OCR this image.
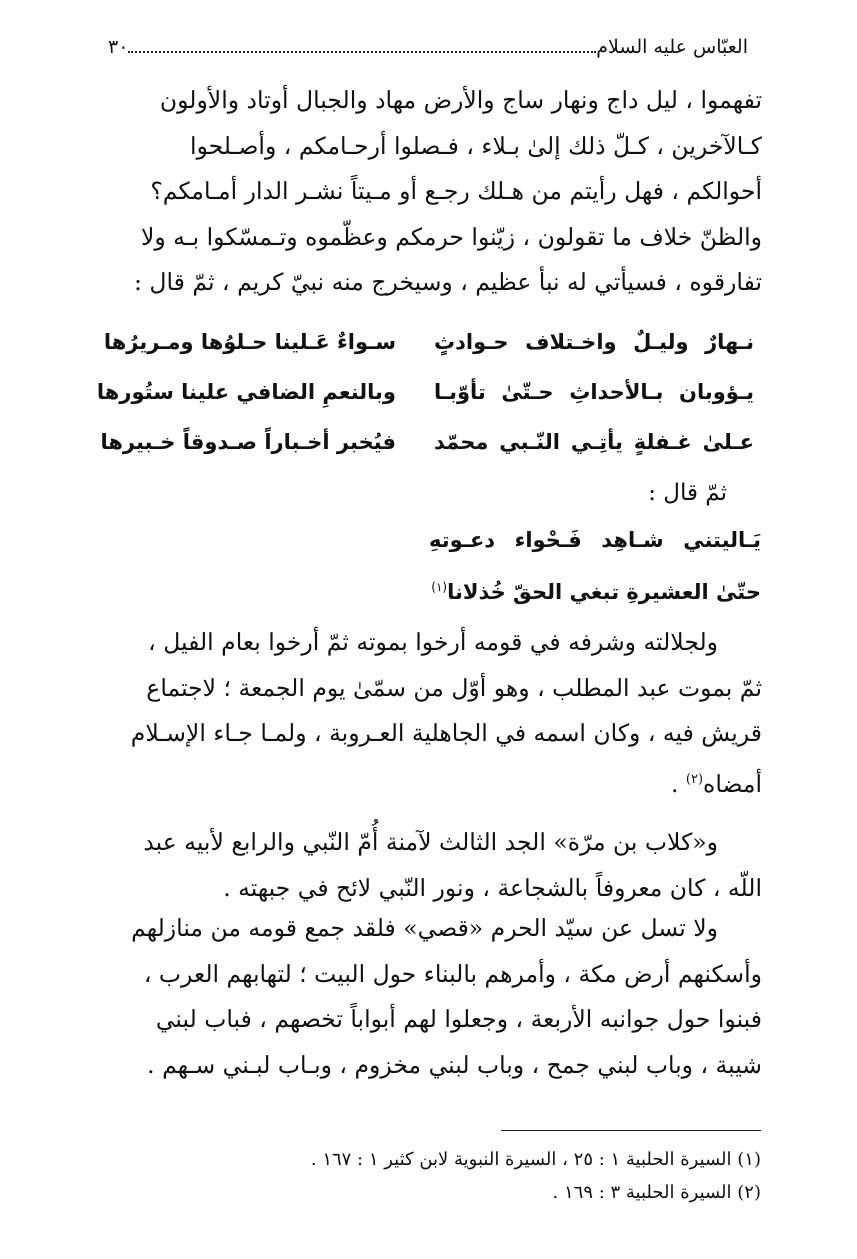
٣٠	العبّاس عليه السلام

تفهموا ، ليل داج ونهار ساج والأرض مهاد والجبال أوتاد والأولون

كـالآخرين ، كـلّ ذلك إلىٰ بـلاء ، فـصلوا أرحـامكم ، وأصـلحوا

أحوالكم ، فهل رأيتم من هـلك رجـع أو مـيتاً نشـر الدار أمـامكم؟

والظنّ خلاف ما تقولون ، زيّنوا حرمكم وعظّموه وتـمسّكوا بـه ولا

تفارقوه ، فسيأتي له نبأ عظيم ، وسيخرج منه نبيّ كريم ، ثمّ قال :

نـهارٌ وليـلٌ واخـتلاف حـوادثٍ
سـواءٌ عَـلينا حـلوُها ومـريرُها
يـؤوبان بـالأحداثِ حـتّىٰ تأوّبـا
وبالنعمِ الضافي علينا ستُورها
عـلىٰ غـفلةٍ يأتِـي النّـبي محمّد
فيُخبر أخـباراً صـدوقاً خـبيرها
ثمّ قال :
يَـاليتني شـاهِد فَـحْواء دعـوتهِ
حتّىٰ العشيرةِ تبغي الحقّ خُذلانا$^{(١)}$

ولجلالته وشرفه في قومه أرخوا بموته ثمّ أرخوا بعام الفيل ،

ثمّ بموت عبد المطلب ، وهو أوّل من سمّىٰ يوم الجمعة ؛ لاجتماع

قريش فيه ، وكان اسمه في الجاهلية العـروبة ، ولمـا جـاء الإسـلام

أمضاه$^{(٢)}$ .

و«كلاب بن مرّة» الجد الثالث لآمنة أُمّ النّبي والرابع لأبيه عبد

اللّه ، كان معروفاً بالشجاعة ، ونور النّبي لائح في جبهته .

ولا تسل عن سيّد الحرم «قصي» فلقد جمع قومه من منازلهم

وأسكنهم أرض مكة ، وأمرهم بالبناء حول البيت ؛ لتهابهم العرب ،

فبنوا حول جوانبه الأربعة ، وجعلوا لهم أبواباً تخصهم ، فباب لبني

شيبة ، وباب لبني جمح ، وباب لبني مخزوم ، وبـاب لبـني سـهم .

(١) السيرة الحلبية ١ : ٢٥ ، السيرة النبوية لابن كثير ١ : ١٦٧ .
(٢) السيرة الحلبية ٣ : ١٦٩ .
